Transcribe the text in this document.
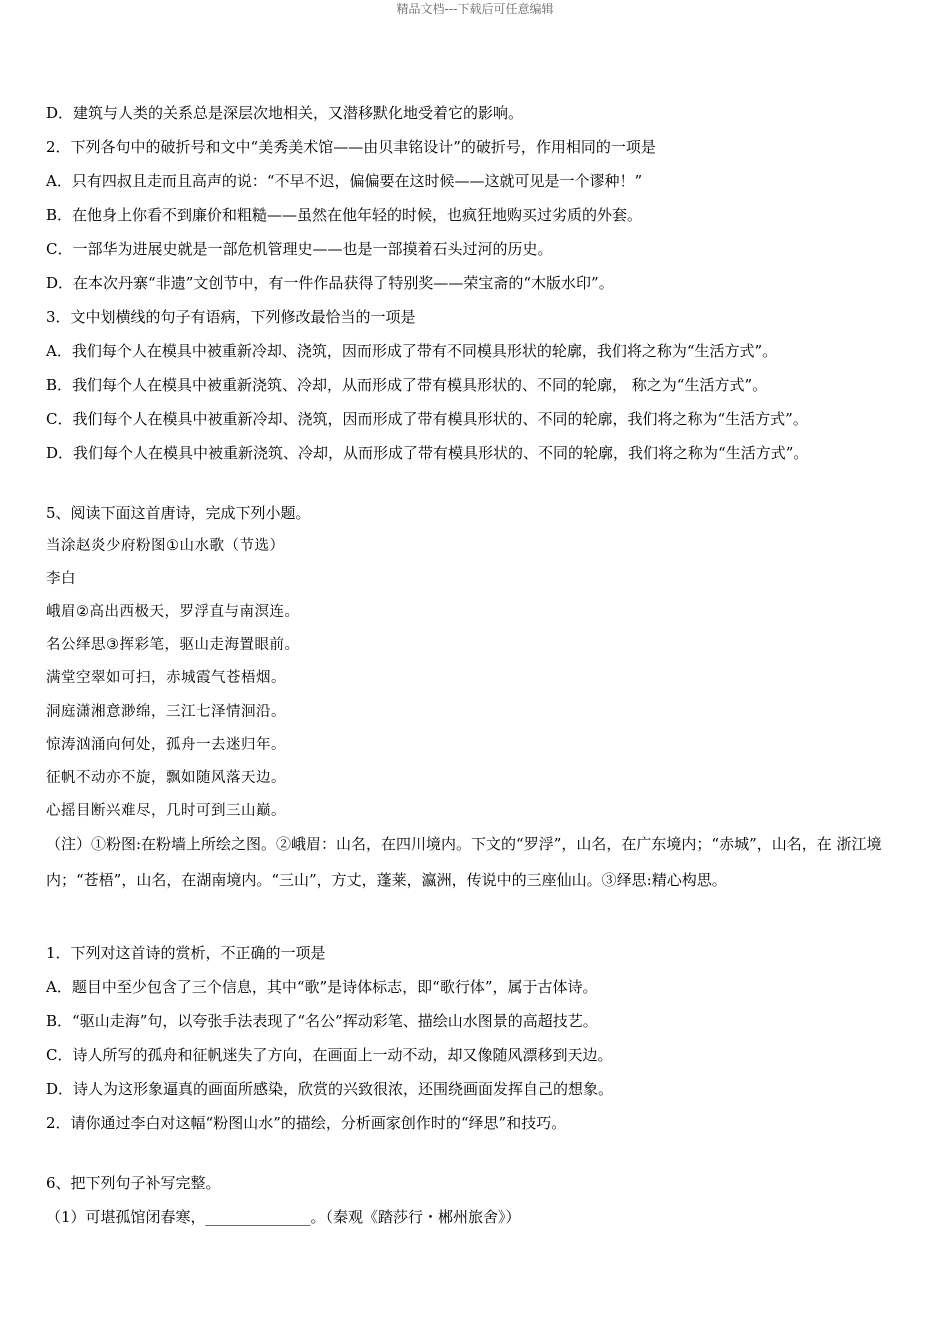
精品文档---下载后可任意编辑
D．建筑与人类的关系总是深层次地相关，又潜移默化地受着它的影响。
2．下列各句中的破折号和文中“美秀美术馆——由贝聿铭设计”的破折号，作用相同的一项是
A．只有四叔且走而且高声的说：“不早不迟，偏偏要在这时候——这就可见是一个谬种！”
B．在他身上你看不到廉价和粗糙——虽然在他年轻的时候，也疯狂地购买过劣质的外套。
C．一部华为进展史就是一部危机管理史——也是一部摸着石头过河的历史。
D．在本次丹寨“非遗”文创节中，有一件作品获得了特别奖——荣宝斋的“木版水印”。
3．文中划横线的句子有语病，下列修改最恰当的一项是
A．我们每个人在模具中被重新冷却、浇筑，因而形成了带有不同模具形状的轮廓，我们将之称为“生活方式”。
B．我们每个人在模具中被重新浇筑、冷却，从而形成了带有模具形状的、不同的轮廓， 称之为“生活方式”。
C．我们每个人在模具中被重新冷却、浇筑，因而形成了带有模具形状的、不同的轮廓，我们将之称为“生活方式”。
D．我们每个人在模具中被重新浇筑、冷却，从而形成了带有模具形状的、不同的轮廓，我们将之称为“生活方式”。
5、阅读下面这首唐诗，完成下列小题。
当涂赵炎少府粉图①山水歌（节选）
李白
峨眉②高出西极天，罗浮直与南溟连。
名公绎思③挥彩笔，驱山走海置眼前。
满堂空翠如可扫，赤城霞气苍梧烟。
洞庭潇湘意渺绵，三江七泽情洄沿。
惊涛汹涌向何处，孤舟一去迷归年。
征帆不动亦不旋，飘如随风落天边。
心摇目断兴难尽，几时可到三山巅。
（注）①粉图:在粉墙上所绘之图。②峨眉：山名，在四川境内。下文的“罗浮”，山名，在广东境内；“赤城”，山名，在 浙江境内；“苍梧”，山名，在湖南境内。“三山”，方丈，蓬莱，瀛洲，传说中的三座仙山。③绎思:精心构思。
1．下列对这首诗的赏析，不正确的一项是
A．题目中至少包含了三个信息，其中“歌”是诗体标志，即“歌行体”，属于古体诗。
B．“驱山走海”句，以夸张手法表现了“名公”挥动彩笔、描绘山水图景的高超技艺。
C．诗人所写的孤舟和征帆迷失了方向，在画面上一动不动，却又像随风漂移到天边。
D．诗人为这形象逼真的画面所感染，欣赏的兴致很浓，还围绕画面发挥自己的想象。
2．请你通过李白对这幅“粉图山水”的描绘，分析画家创作时的“绎思”和技巧。
6、把下列句子补写完整。
（1）可堪孤馆闭春寒，______________。（秦观《踏莎行・郴州旅舍》）
